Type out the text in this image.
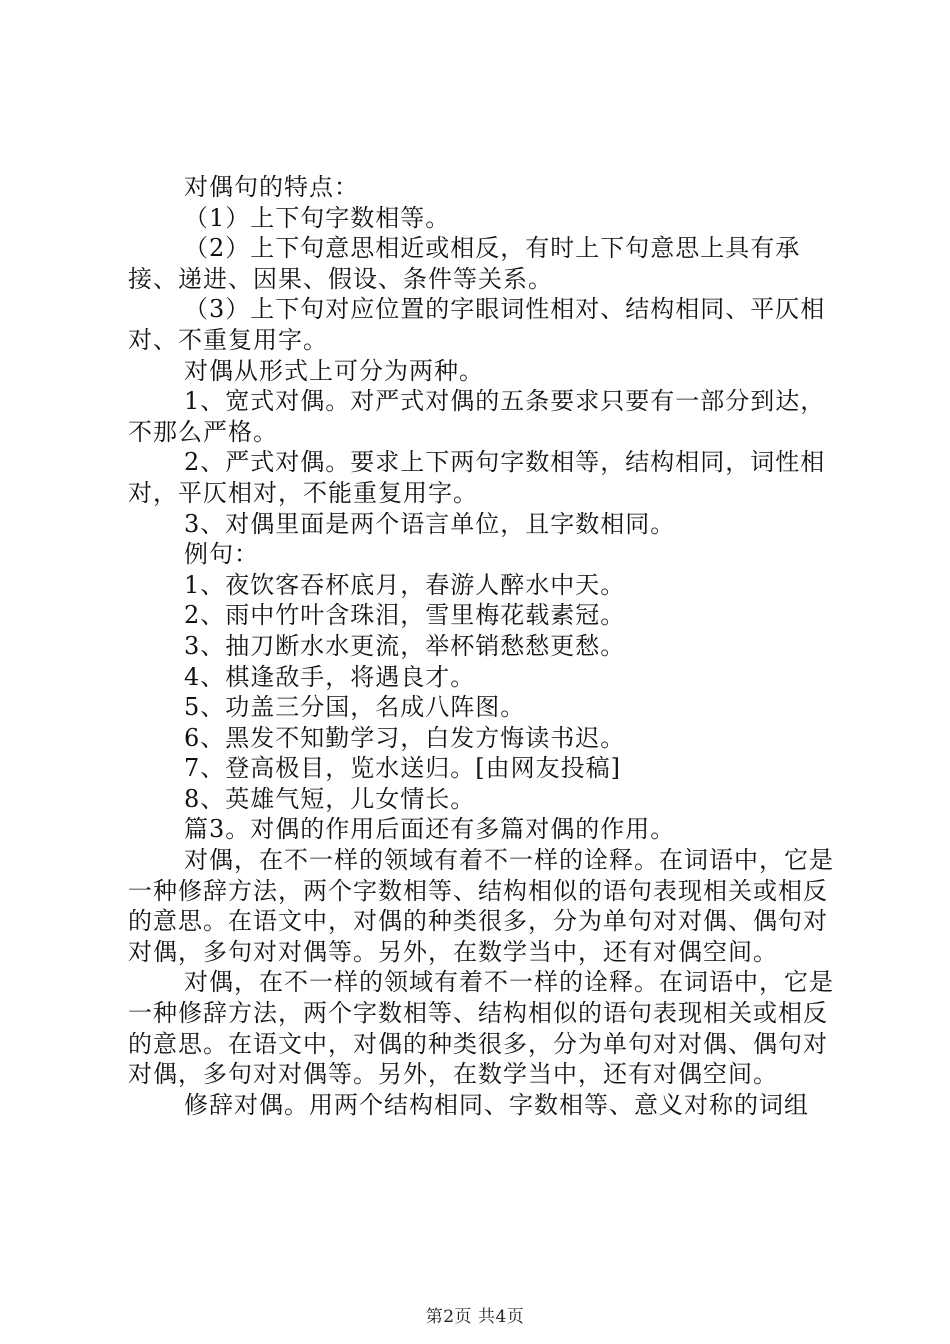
对偶句的特点：

（1）上下句字数相等。

（2）上下句意思相近或相反，有时上下句意思上具有承接、递进、因果、假设、条件等关系。

（3）上下句对应位置的字眼词性相对、结构相同、平仄相对、不重复用字。

对偶从形式上可分为两种。

1、宽式对偶。对严式对偶的五条要求只要有一部分到达，不那么严格。

2、严式对偶。要求上下两句字数相等，结构相同，词性相对，平仄相对，不能重复用字。

3、对偶里面是两个语言单位，且字数相同。

例句：

1、夜饮客吞杯底月，春游人醉水中天。

2、雨中竹叶含珠泪，雪里梅花载素冠。

3、抽刀断水水更流，举杯销愁愁更愁。

4、棋逢敌手，将遇良才。

5、功盖三分国，名成八阵图。

6、黑发不知勤学习，白发方悔读书迟。

7、登高极目，览水送归。[由网友投稿]

8、英雄气短，儿女情长。

篇3。对偶的作用后面还有多篇对偶的作用。

对偶，在不一样的领域有着不一样的诠释。在词语中，它是一种修辞方法，两个字数相等、结构相似的语句表现相关或相反的意思。在语文中，对偶的种类很多，分为单句对对偶、偶句对对偶，多句对对偶等。另外，在数学当中，还有对偶空间。

对偶，在不一样的领域有着不一样的诠释。在词语中，它是一种修辞方法，两个字数相等、结构相似的语句表现相关或相反的意思。在语文中，对偶的种类很多，分为单句对对偶、偶句对对偶，多句对对偶等。另外，在数学当中，还有对偶空间。

修辞对偶。用两个结构相同、字数相等、意义对称的词组

第2页 共4页
